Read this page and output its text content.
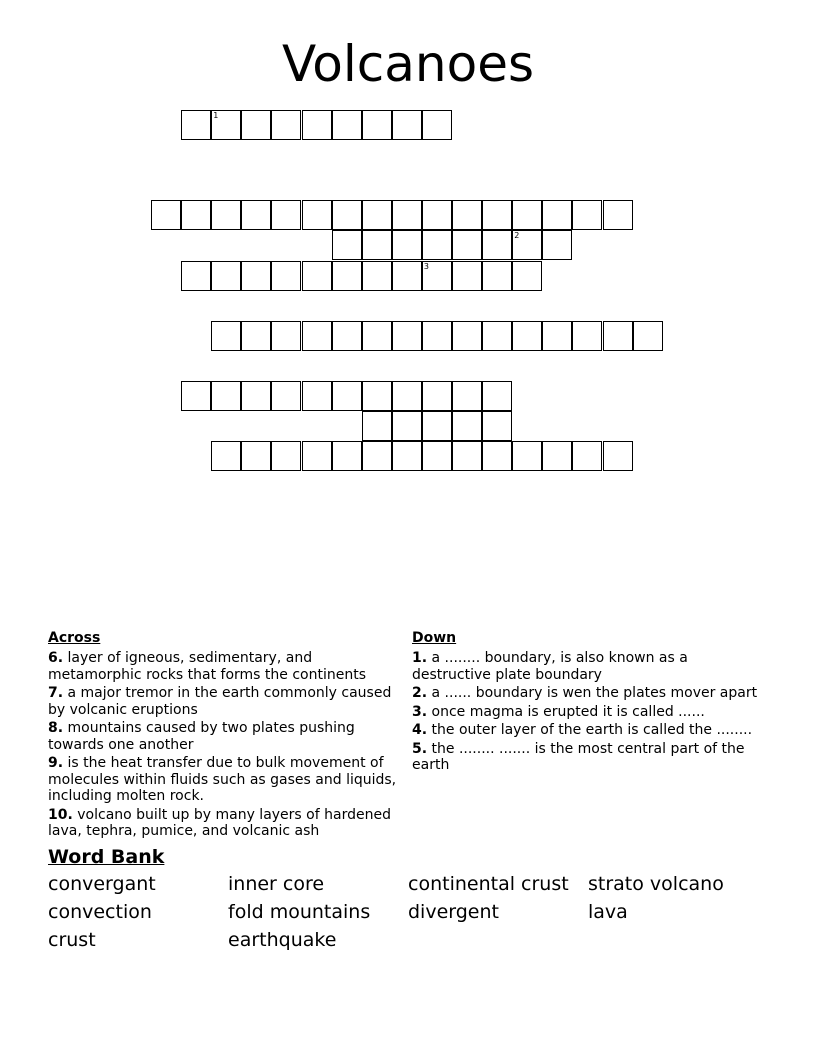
Volcanoes
1
2
3
Across
6. layer of igneous, sedimentary, and metamorphic rocks that forms the continents
7. a major tremor in the earth commonly caused by volcanic eruptions
8. mountains caused by two plates pushing towards one another
9. is the heat transfer due to bulk movement of molecules within fluids such as gases and liquids, including molten rock.
10. volcano built up by many layers of hardened lava, tephra, pumice, and volcanic ash
Down
1. a ........ boundary, is also known as a destructive plate boundary
2. a ...... boundary is wen the plates mover apart
3. once magma is erupted it is called ......
4. the outer layer of the earth is called the ........
5. the ........ ....... is the most central part of the earth
Word Bank
convergant	inner core	continental crust	strato volcano
convection	fold mountains	divergent	lava
crust	earthquake
